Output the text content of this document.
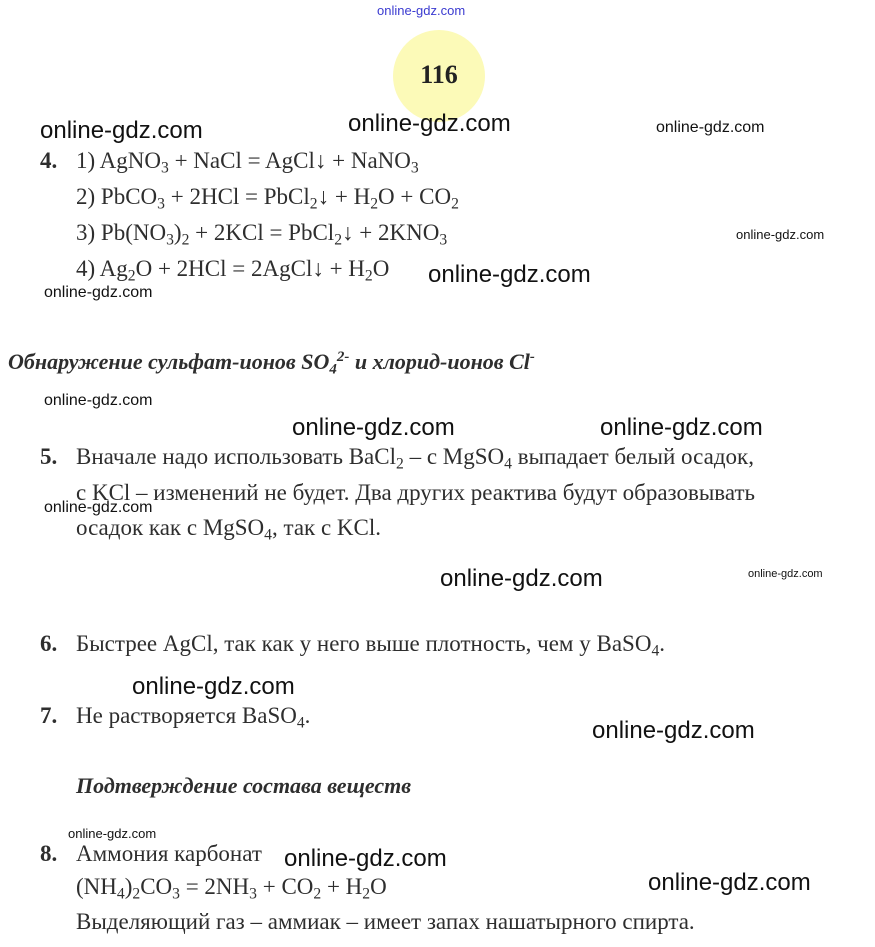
online-gdz.com
116
online-gdz.com	online-gdz.com	online-gdz.com
online-gdz.com
online-gdz.com
online-gdz.com
online-gdz.com
online-gdz.com	online-gdz.com
online-gdz.com
online-gdz.com	online-gdz.com
online-gdz.com
online-gdz.com
online-gdz.com
online-gdz.com
online-gdz.com
4. 1) AgNO$_3$ + NaCl = AgCl↓ + NaNO$_3$
2) PbCO$_3$ + 2HCl = PbCl$_2$↓ + $H_2O + CO_2$
3) $Pb(NO_3)_2 + 2KCl$ = PbCl$_2$↓ + $2KNO_3$
4) $Ag_2O + 2HCl$ = 2AgCl↓ + $H_2O$
Обнаружение сульфат-ионов $SO_4^{2-}$ и хлорид-ионов Cl-
5. Вначале надо использовать BaCl$_2$ – с MgSO$_4$ выпадает белый осадок,
с KCl – изменений не будет. Два других реактива будут образовывать
осадок как с MgSO$_4$, так с KCl.
6. Быстрее AgCl, так как у него выше плотность, чем у BaSO$_4$.
7. Не растворяется BaSO$_4$.
Подтверждение состава веществ
8. Аммония карбонат
$(NH_4)_2CO_3 = 2NH_3 + CO_2 + H_2O$
Выделяющий газ – аммиак – имеет запах нашатырного спирта.
